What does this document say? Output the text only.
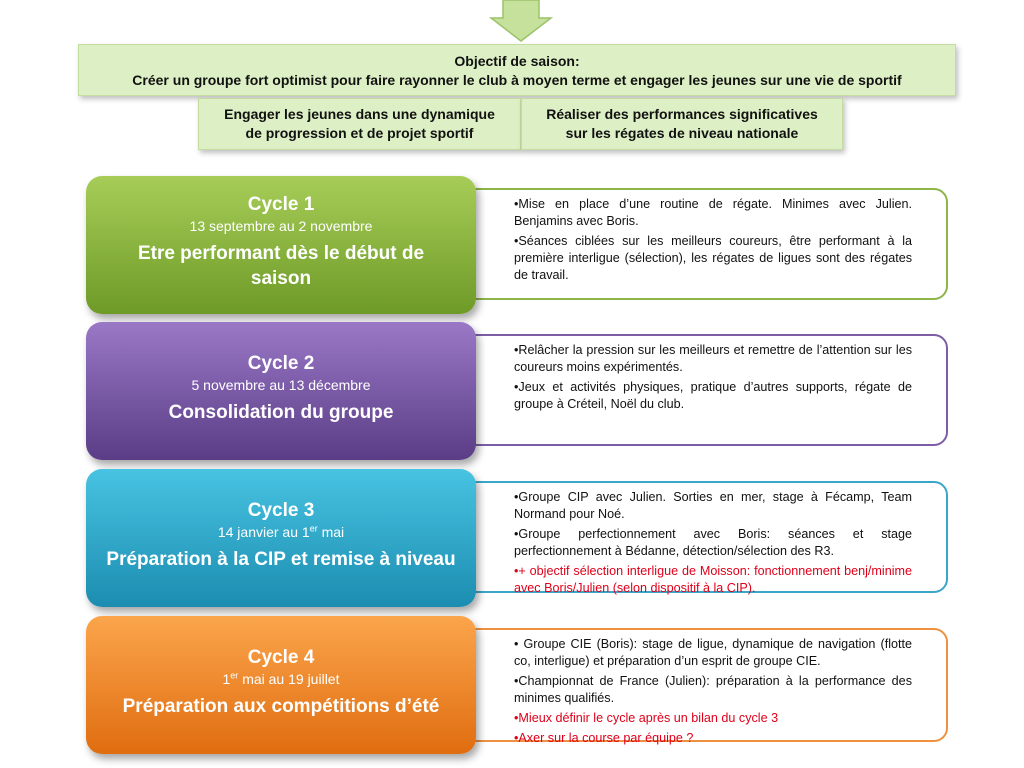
Objectif de saison:
Créer un groupe fort optimist pour faire rayonner le club à moyen terme et engager les jeunes sur une vie de sportif
Engager les jeunes dans une dynamique
de progression et de projet sportif
Réaliser des performances significatives
sur les régates de niveau nationale

•Mise en place d’une routine de régate. Minimes avec Julien. Benjamins avec Boris.

•Séances ciblées sur les meilleurs coureurs, être performant à la première interligue (sélection), les régates de ligues sont des régates de travail.

Cycle 1
13 septembre au 2 novembre
Etre performant dès le début de
saison

•Relâcher la pression sur les meilleurs et remettre de l’attention sur les coureurs moins expérimentés.

•Jeux et activités physiques, pratique d’autres supports, régate de groupe à Créteil, Noël du club.

Cycle 2
5 novembre au 13 décembre
Consolidation du groupe

•Groupe CIP avec Julien. Sorties en mer, stage à Fécamp, Team Normand pour Noé.

•Groupe perfectionnement avec Boris: séances et stage perfectionnement à Bédanne, détection/sélection des R3.

•+ objectif sélection interligue de Moisson: fonctionnement benj/minime avec Boris/Julien (selon dispositif à la CIP).

Cycle 3
14 janvier au 1er mai
Préparation à la CIP et remise à niveau

• Groupe CIE (Boris): stage de ligue, dynamique de navigation (flotte co, interligue) et préparation d’un esprit de groupe CIE.

•Championnat de France (Julien): préparation à la performance des minimes qualifiés.

•Mieux définir le cycle après un bilan du cycle 3

•Axer sur la course par équipe ?

Cycle 4
1er mai au 19 juillet
Préparation aux compétitions d’été
